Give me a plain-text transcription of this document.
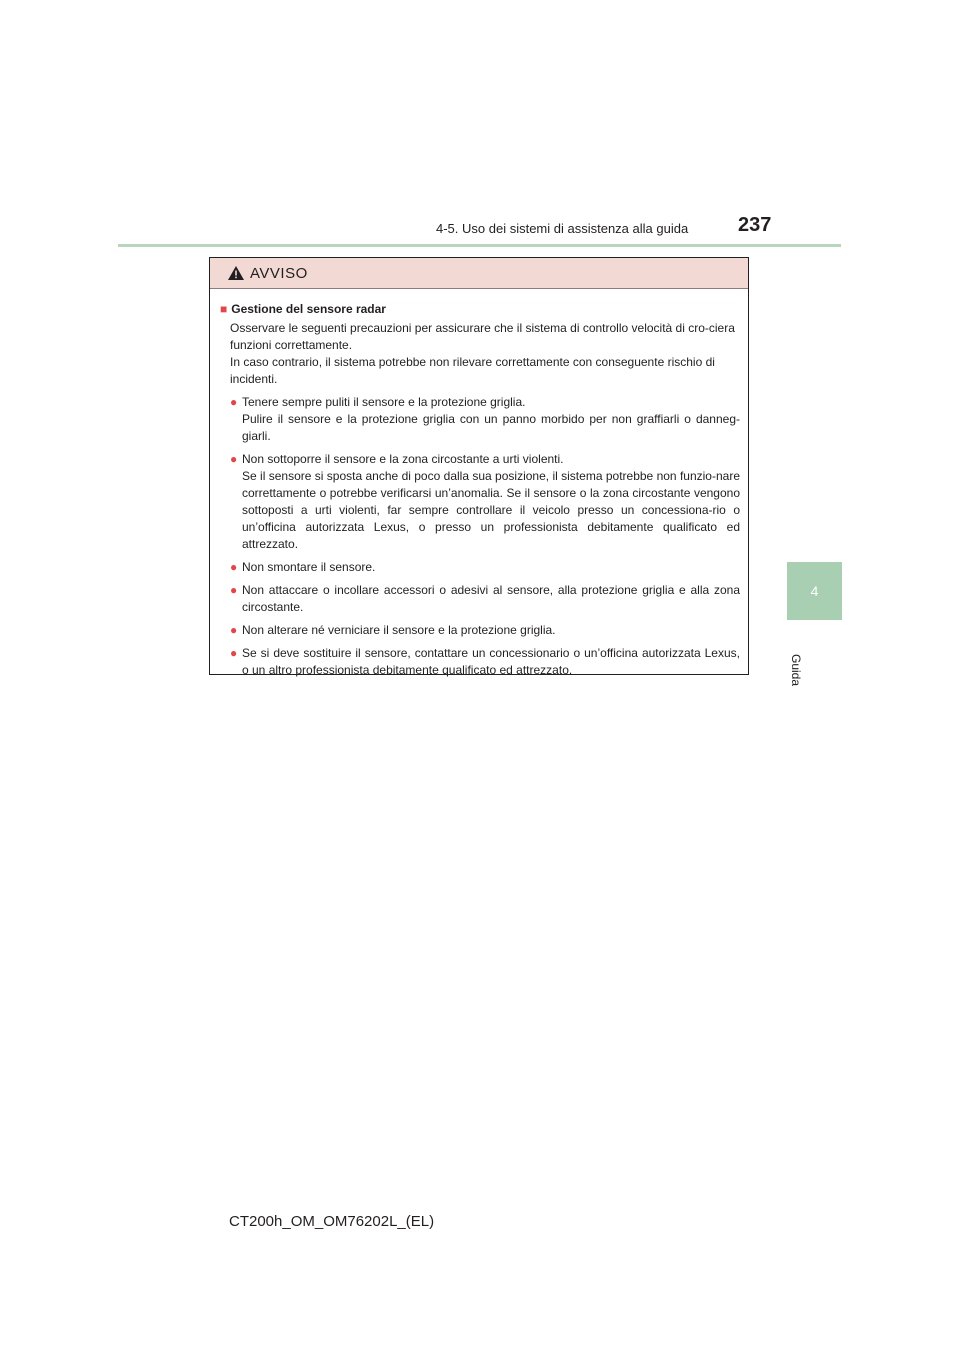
4-5. Uso dei sistemi di assistenza alla guida	237
4
Guida
AVVISO
■ Gestione del sensore radar
Osservare le seguenti precauzioni per assicurare che il sistema di controllo velocità di cro-ciera funzioni correttamente.
In caso contrario, il sistema potrebbe non rilevare correttamente con conseguente rischio di incidenti.
● Tenere sempre puliti il sensore e la protezione griglia.
Pulire il sensore e la protezione griglia con un panno morbido per non graffiarli o danneg-giarli.
● Non sottoporre il sensore e la zona circostante a urti violenti.
Se il sensore si sposta anche di poco dalla sua posizione, il sistema potrebbe non funzio-nare correttamente o potrebbe verificarsi un’anomalia. Se il sensore o la zona circostante vengono sottoposti a urti violenti, far sempre controllare il veicolo presso un concessiona-rio o un’officina autorizzata Lexus, o presso un professionista debitamente qualificato ed attrezzato.
● Non smontare il sensore.
● Non attaccare o incollare accessori o adesivi al sensore, alla protezione griglia e alla zona circostante.
● Non alterare né verniciare il sensore e la protezione griglia.
● Se si deve sostituire il sensore, contattare un concessionario o un’officina autorizzata Lexus, o un altro professionista debitamente qualificato ed attrezzato.
CT200h_OM_OM76202L_(EL)
